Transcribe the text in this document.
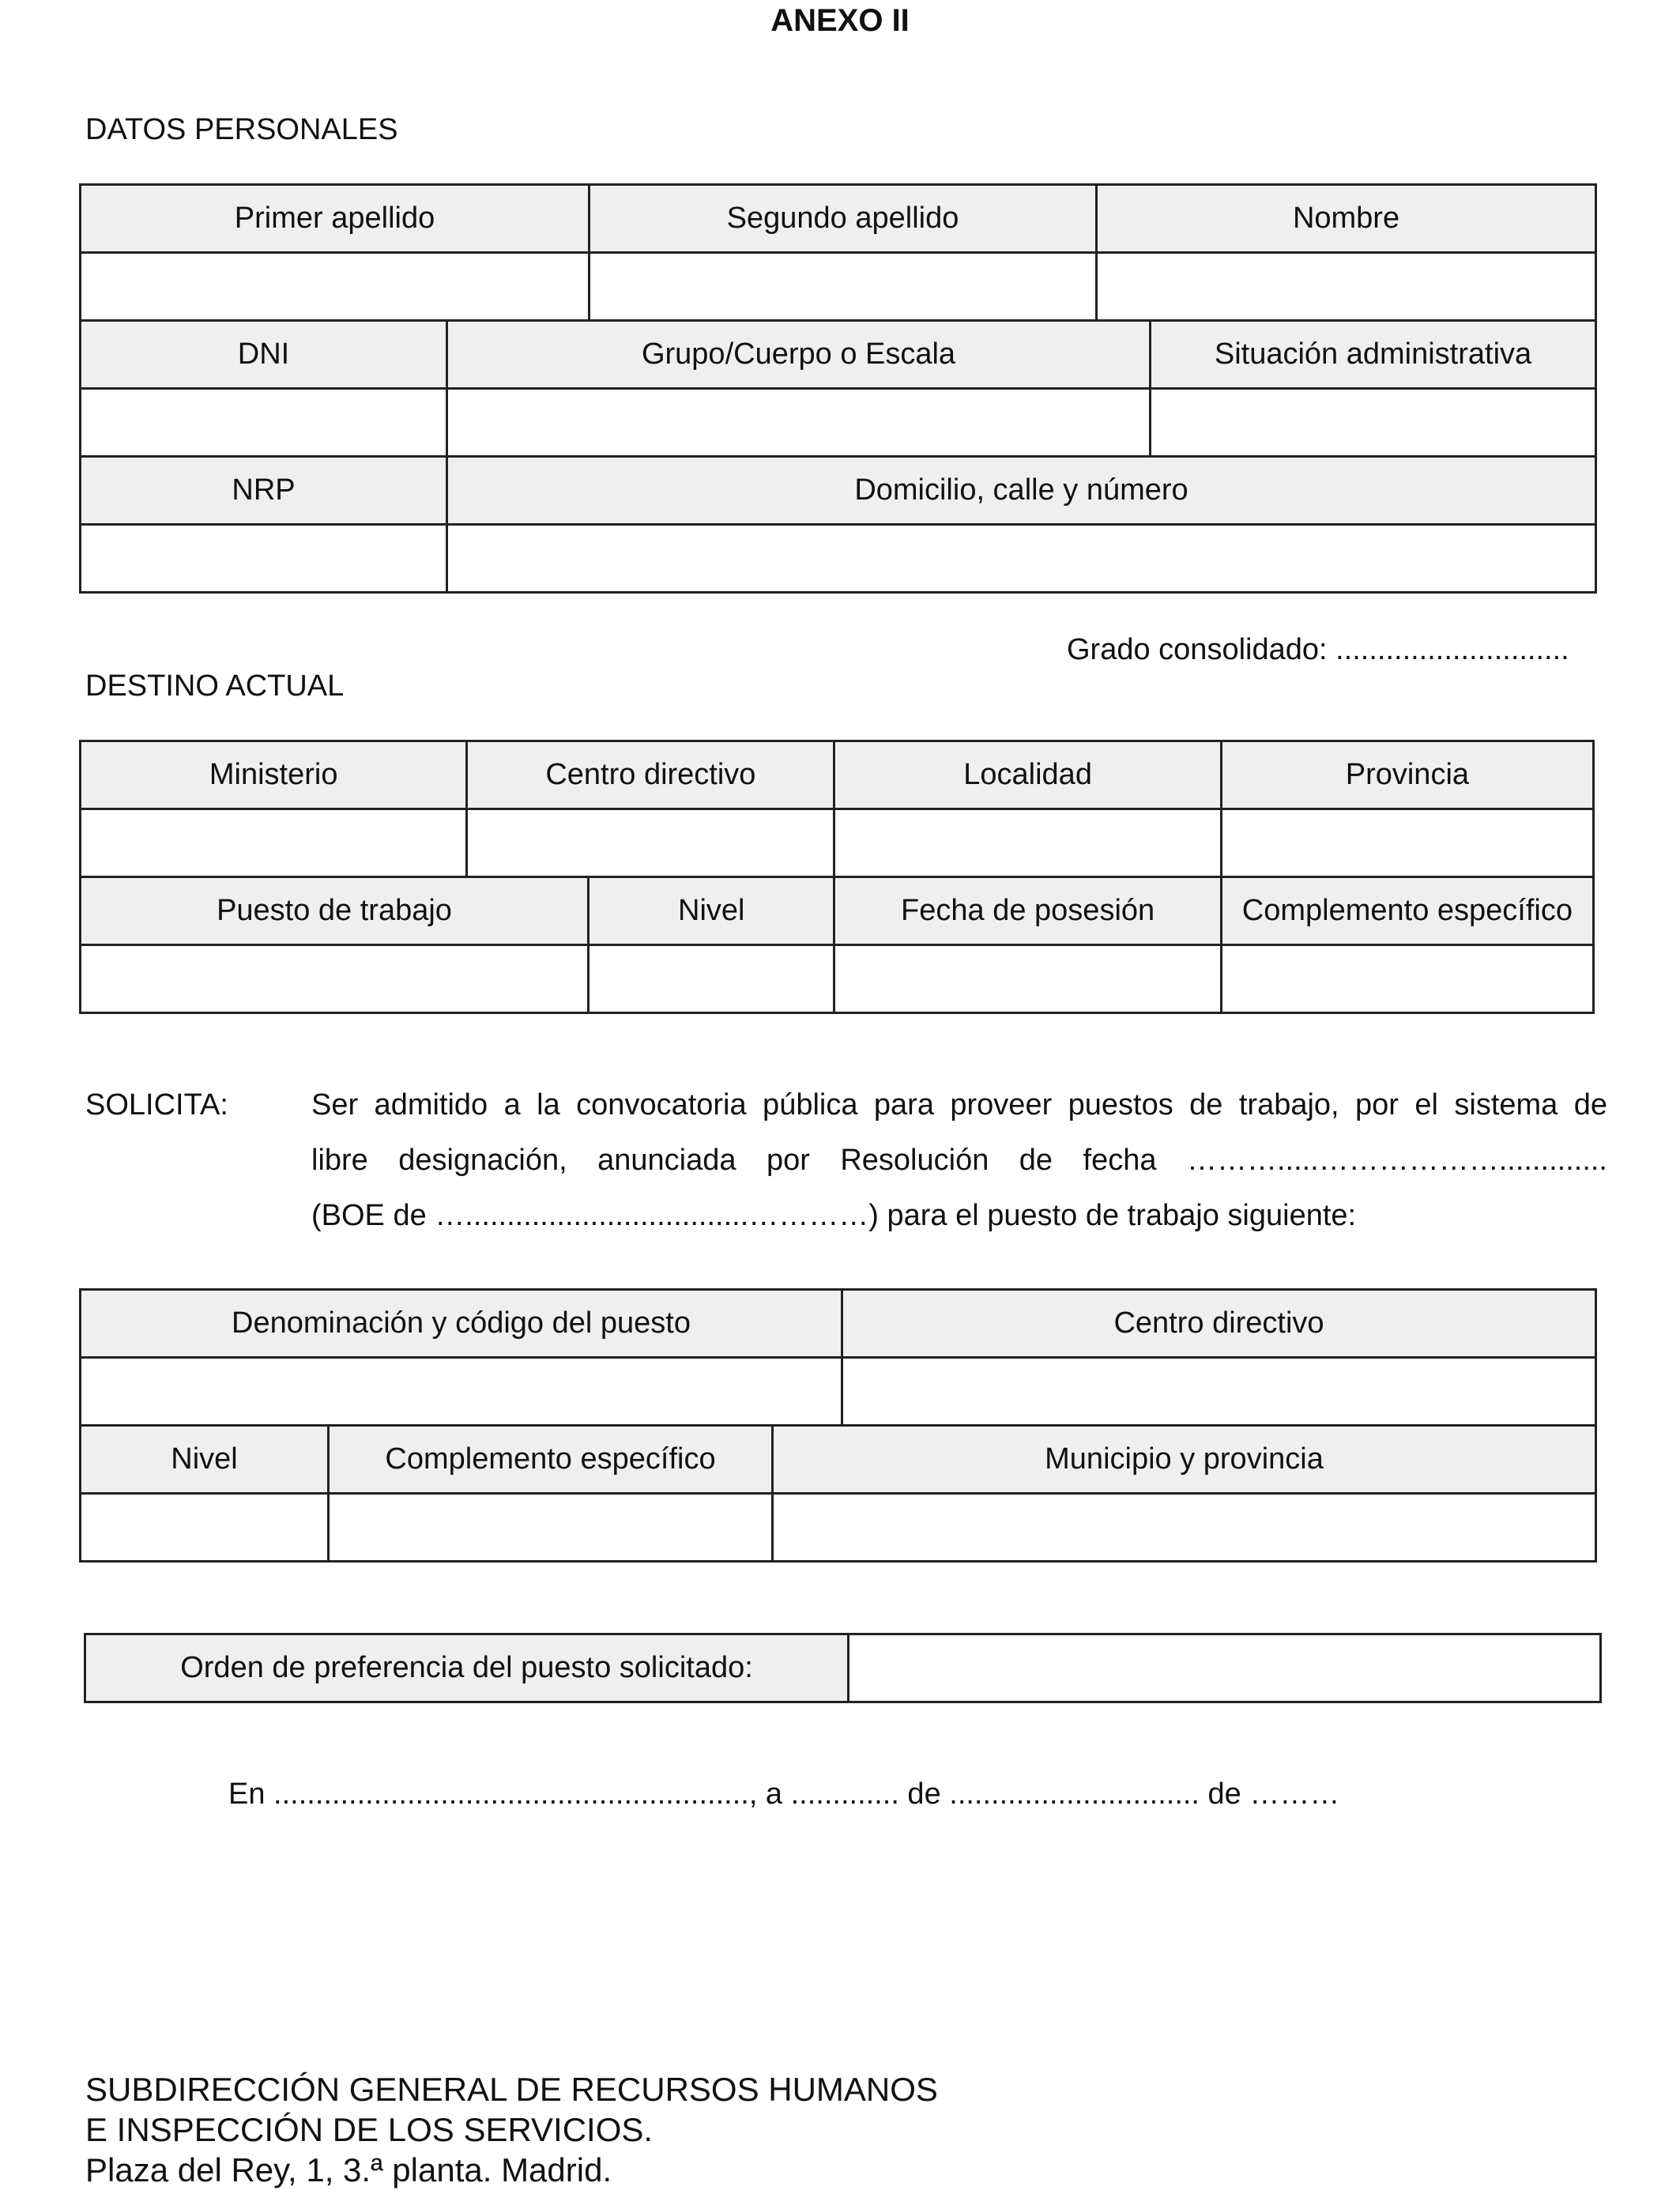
ANEXO II
DATOS PERSONALES
Primer apellido		Segundo apellido	Nombre	

DNI	Grupo/Cuerpo o Escala			Situación administrativa

NRP	Domicilio, calle y número			

Grado consolidado: ............................
DESTINO ACTUAL
Ministerio	Centro directivo		Localidad	Provincia

Puesto de trabajo		Nivel	Fecha de posesión	Complemento específico

SOLICITA:	Ser admitido a la convocatoria pública para proveer puestos de trabajo, por el sistema de
libre designación, anunciada por Resolución de fecha ……….....……………….............
(BOE de …..................................…………) para el puesto de trabajo siguiente:
Denominación y código del puesto			Centro directivo

Nivel	Complemento específico	Municipio y provincia	

Orden de preferencia del puesto solicitado:	
En ........................................................., a ............. de .............................. de ………
SUBDIRECCIÓN GENERAL DE RECURSOS HUMANOS
E INSPECCIÓN DE LOS SERVICIOS.
Plaza del Rey, 1, 3.ª planta. Madrid.
